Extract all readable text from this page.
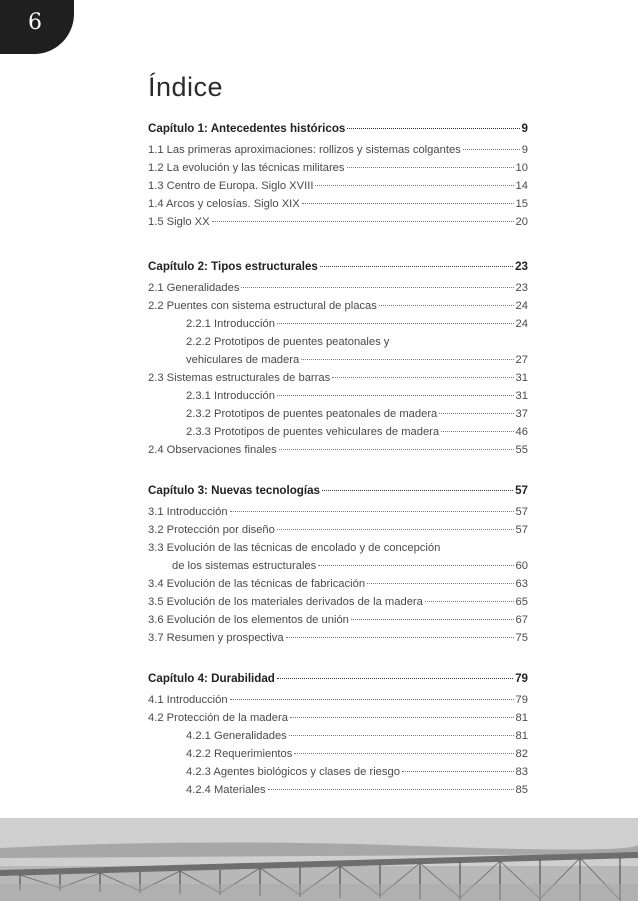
6
Índice
Capítulo 1: Antecedentes históricos	9
1.1 Las primeras aproximaciones: rollizos y sistemas colgantes	9
1.2 La evolución y las técnicas militares	10
1.3 Centro de Europa. Siglo XVIII	14
1.4 Arcos y celosías. Siglo XIX	15
1.5 Siglo XX	20
Capítulo 2: Tipos estructurales	23
2.1 Generalidades	23
2.2 Puentes con sistema estructural de placas	24
2.2.1 Introducción	24
2.2.2 Prototipos de puentes peatonales y
vehiculares de madera	27
2.3 Sistemas estructurales de barras	31
2.3.1 Introducción	31
2.3.2 Prototipos de puentes peatonales de madera	37
2.3.3 Prototipos de puentes vehiculares de madera	46
2.4 Observaciones finales	55
Capítulo 3: Nuevas tecnologías	57
3.1 Introducción	57
3.2 Protección por diseño	57
3.3 Evolución de las técnicas de encolado y de concepción
de los sistemas estructurales	60
3.4 Evolución de las técnicas de fabricación	63
3.5 Evolución de los materiales derivados de la madera	65
3.6 Evolución de los elementos de unión	67
3.7 Resumen y prospectiva	75
Capítulo 4: Durabilidad	79
4.1 Introducción	79
4.2 Protección de la madera	81
4.2.1 Generalidades	81
4.2.2 Requerimientos	82
4.2.3 Agentes biológicos y clases de riesgo	83
4.2.4 Materiales	85
